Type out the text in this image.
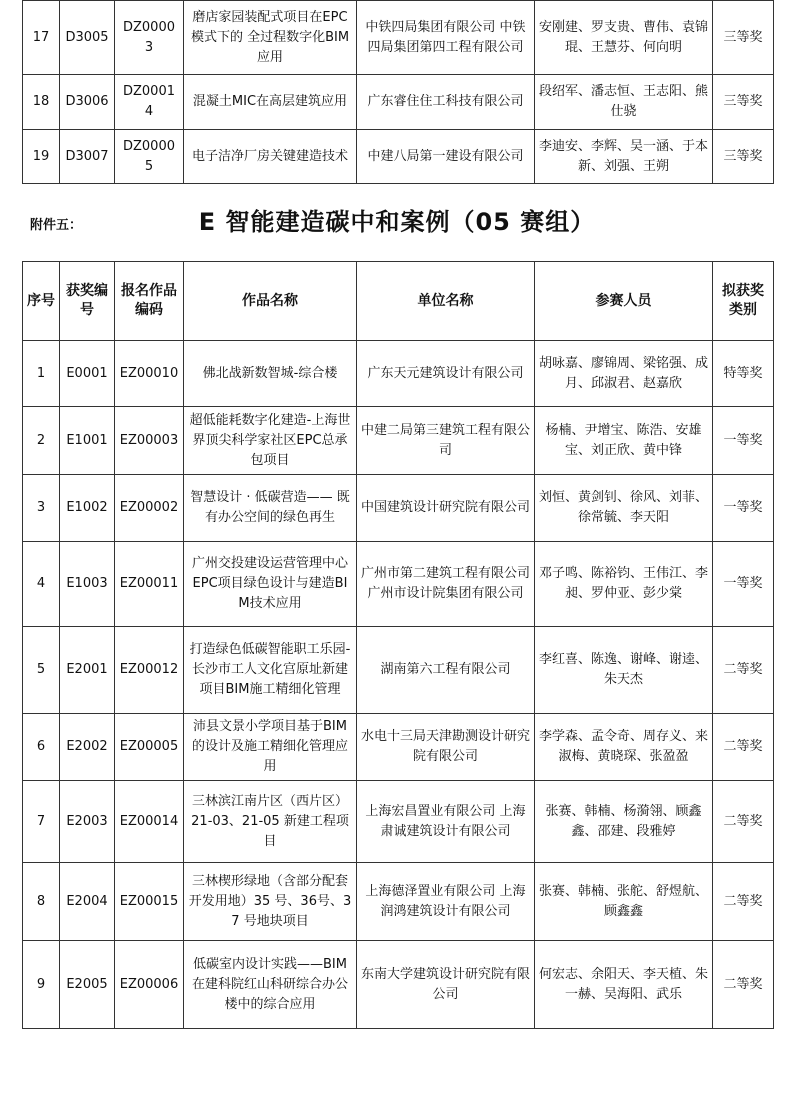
17	D3005	DZ00003	磨店家园装配式项目在EPC模式下的 全过程数字化BIM应用	中铁四局集团有限公司 中铁四局集团第四工程有限公司	安刚建、罗支贵、曹伟、袁锦琨、王慧芬、何向明	三等奖
18	D3006	DZ00014	混凝土MIC在高层建筑应用	广东睿住住工科技有限公司	段绍军、潘志恒、王志阳、熊仕骁	三等奖
19	D3007	DZ00005	电子洁净厂房关键建造技术	中建八局第一建设有限公司	李迪安、李辉、吴一涵、于本新、刘强、王朔	三等奖
附件五：	E 智能建造碳中和案例（05 赛组）
序号	获奖编号	报名作品编码	作品名称	单位名称	参赛人员	拟获奖类别
1	E0001	EZ00010	佛北战新数智城-综合楼	广东天元建筑设计有限公司	胡咏嘉、廖锦周、梁铭强、成月、邱淑君、赵嘉欣	特等奖
2	E1001	EZ00003	超低能耗数字化建造-上海世界顶尖科学家社区EPC总承包项目	中建二局第三建筑工程有限公司	杨楠、尹增宝、陈浩、安雄宝、刘正欣、黄中锋	一等奖
3	E1002	EZ00002	智慧设计 · 低碳营造—— 既有办公空间的绿色再生	中国建筑设计研究院有限公司	刘恒、黄剑钊、徐风、刘菲、徐常毓、李天阳	一等奖
4	E1003	EZ00011	广州交投建设运营管理中心EPC项目绿色设计与建造BIM技术应用	广州市第二建筑工程有限公司 广州市设计院集团有限公司	邓子鸣、陈裕钧、王伟江、李昶、罗仲亚、彭少棠	一等奖
5	E2001	EZ00012	打造绿色低碳智能职工乐园-长沙市工人文化宫原址新建项目BIM施工精细化管理	湖南第六工程有限公司	李红喜、陈逸、谢峰、谢逵、朱天杰	二等奖
6	E2002	EZ00005	沛县文景小学项目基于BIM的设计及施工精细化管理应用	水电十三局天津勘测设计研究院有限公司	李学森、孟令奇、周存义、来淑梅、黄晓琛、张盈盈	二等奖
7	E2003	EZ00014	三林滨江南片区（西片区）21-03、21-05 新建工程项目	上海宏昌置业有限公司 上海肃诚建筑设计有限公司	张赛、韩楠、杨漪翎、顾鑫鑫、邵建、段雅婷	二等奖
8	E2004	EZ00015	三林楔形绿地（含部分配套开发用地）35 号、36号、37 号地块项目	上海德泽置业有限公司 上海润鸿建筑设计有限公司	张赛、韩楠、张舵、舒煜航、顾鑫鑫	二等奖
9	E2005	EZ00006	低碳室内设计实践——BIM 在建科院红山科研综合办公楼中的综合应用	东南大学建筑设计研究院有限公司	何宏志、余阳天、李天植、朱一赫、吴海阳、武乐	二等奖
